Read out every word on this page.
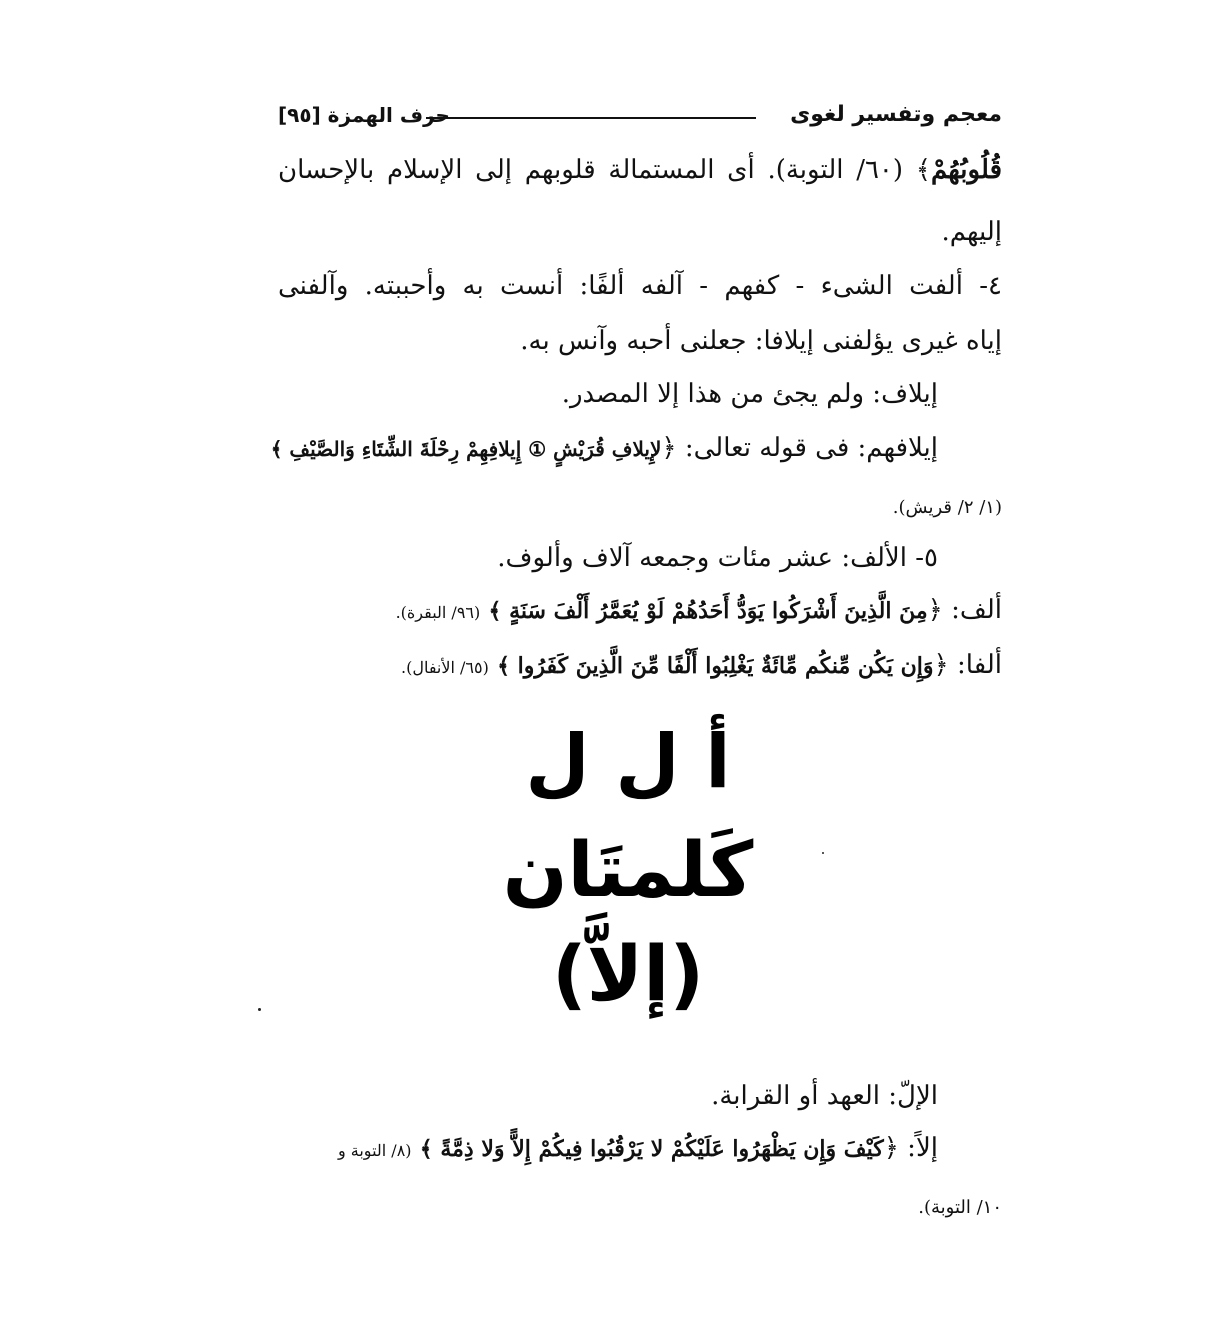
معجم وتفسير لغوى
حرف الهمزة [٩٥]
قُلُوبُهُمْ﴾ (٦٠/ التوبة). أى المستمالة قلوبهم إلى الإسلام بالإحسان
إليهم.
٤- ألفت الشىء - كفهم - آلفه ألفًا: أنست به وأحببته. وآلفنى
إياه غيرى يؤلفنى إيلافا: جعلنى أحبه وآنس به.
إيلاف: ولم يجئ من هذا إلا المصدر.
إيلافهم: فى قوله تعالى: ﴿لإِيلافِ قُرَيْشٍ ① إِيلافِهِمْ رِحْلَةَ الشِّتَاءِ وَالصَّيْفِ ﴾
(١/ ٢/ قريش).
٥- الألف: عشر مئات وجمعه آلاف وألوف.
ألف: ﴿مِنَ الَّذِينَ أَشْرَكُوا يَوَدُّ أَحَدُهُمْ لَوْ يُعَمَّرُ أَلْفَ سَنَةٍ ﴾ (٩٦/ البقرة).
ألفا: ﴿وَإِن يَكُن مِّنكُم مِّائَةٌ يَغْلِبُوا أَلْفًا مِّنَ الَّذِينَ كَفَرُوا ﴾ (٦٥/ الأنفال).
أ ل ل
كَلمتَان
(إلاَّ)
الإلّ: العهد أو القرابة.
إلاً: ﴿كَيْفَ وَإِن يَظْهَرُوا عَلَيْكُمْ لا يَرْقُبُوا فِيكُمْ إِلاًّ وَلا ذِمَّةً ﴾ (٨/ التوبة و
١٠/ التوبة).
